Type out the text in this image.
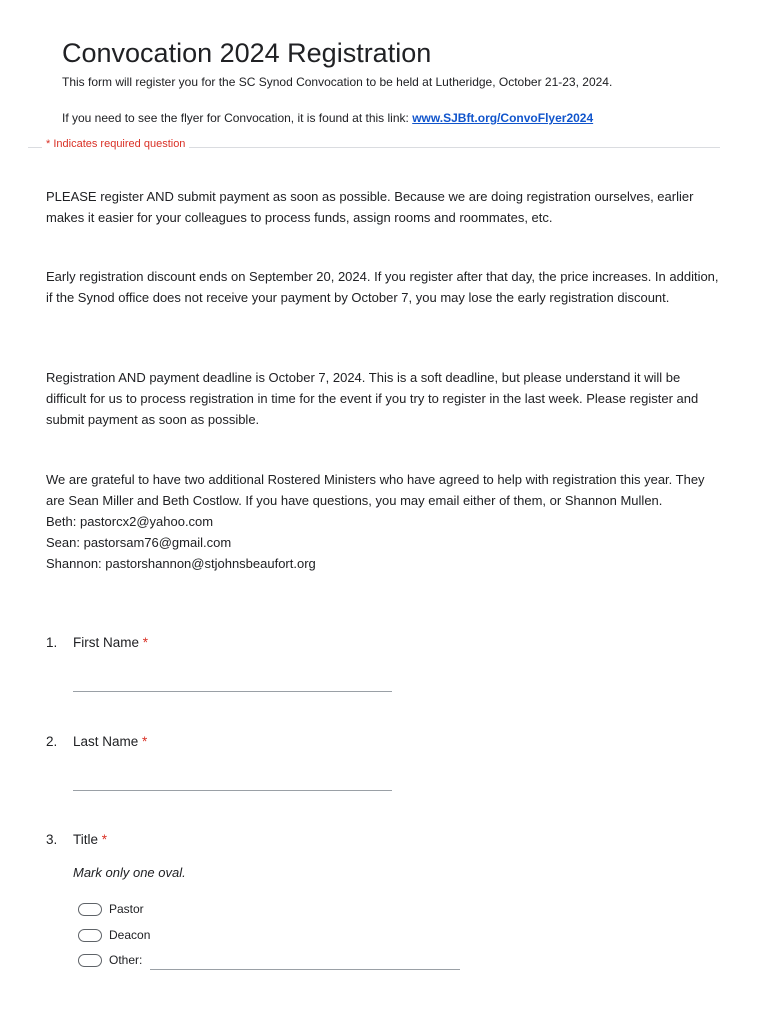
Convocation 2024 Registration
This form will register you for the SC Synod Convocation to be held at Lutheridge, October 21-23, 2024.
If you need to see the flyer for Convocation, it is found at this link: www.SJBft.org/ConvoFlyer2024
* Indicates required question
PLEASE register AND submit payment as soon as possible. Because we are doing registration ourselves, earlier makes it easier for your colleagues to process funds, assign rooms and roommates, etc.
Early registration discount ends on September 20, 2024. If you register after that day, the price increases. In addition, if the Synod office does not receive your payment by October 7, you may lose the early registration discount.
Registration AND payment deadline is October 7, 2024. This is a soft deadline, but please understand it will be difficult for us to process registration in time for the event if you try to register in the last week. Please register and submit payment as soon as possible.

We are grateful to have two additional Rostered Ministers who have agreed to help with registration this year. They are Sean Miller and Beth Costlow. If you have questions, you may email either of them, or Shannon Mullen.

Beth: pastorcx2@yahoo.com

Sean: pastorsam76@gmail.com

Shannon: pastorshannon@stjohnsbeaufort.org

1. First Name *
2. Last Name *
3. Title *
Mark only one oval.
Pastor
Deacon
Other:
